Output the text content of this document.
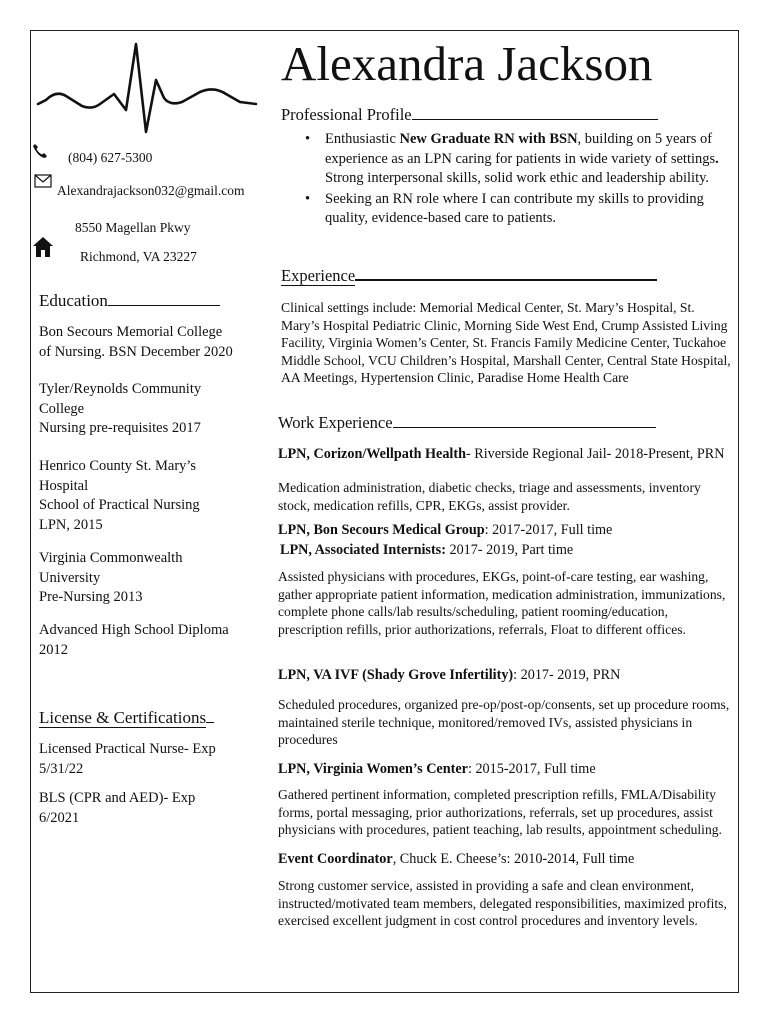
Alexandra Jackson
(804) 627-5300
Alexandrajackson032@gmail.com
8550 Magellan Pkwy
Richmond, VA 23227
Education
Bon Secours Memorial College
of Nursing. BSN December 2020
Tyler/Reynolds Community
College
Nursing pre-requisites 2017
Henrico County St. Mary’s
Hospital
School of Practical Nursing
LPN, 2015
Virginia Commonwealth
University
Pre-Nursing 2013
Advanced High School Diploma
2012
License & Certifications
Licensed Practical Nurse- Exp
5/31/22
BLS (CPR and AED)- Exp
6/2021
Professional Profile
• Enthusiastic New Graduate RN with BSN, building on 5 years of experience as an LPN caring for patients in wide variety of settings. Strong interpersonal skills, solid work ethic and leadership ability.
• Seeking an RN role where I can contribute my skills to providing quality, evidence-based care to patients.
Experience
Clinical settings include: Memorial Medical Center, St. Mary’s Hospital, St. Mary’s Hospital Pediatric Clinic, Morning Side West End, Crump Assisted Living Facility, Virginia Women’s Center, St. Francis Family Medicine Center, Tuckahoe Middle School, VCU Children’s Hospital, Marshall Center, Central State Hospital, AA Meetings, Hypertension Clinic, Paradise Home Health Care
Work Experience
LPN, Corizon/Wellpath Health- Riverside Regional Jail- 2018-Present, PRN
Medication administration, diabetic checks, triage and assessments, inventory stock, medication refills, CPR, EKGs, assist provider.
LPN, Bon Secours Medical Group: 2017-2017, Full time
LPN, Associated Internists: 2017- 2019, Part time
Assisted physicians with procedures, EKGs, point-of-care testing, ear washing, gather appropriate patient information, medication administration, immunizations, complete phone calls/lab results/scheduling, patient rooming/education, prescription refills, prior authorizations, referrals, Float to different offices.
LPN, VA IVF (Shady Grove Infertility): 2017- 2019, PRN
Scheduled procedures, organized pre-op/post-op/consents, set up procedure rooms, maintained sterile technique, monitored/removed IVs, assisted physicians in procedures
LPN, Virginia Women’s Center: 2015-2017, Full time
Gathered pertinent information, completed prescription refills, FMLA/Disability forms, portal messaging, prior authorizations, referrals, set up procedures, assist physicians with procedures, patient teaching, lab results, appointment scheduling.
Event Coordinator, Chuck E. Cheese’s: 2010-2014, Full time
Strong customer service, assisted in providing a safe and clean environment, instructed/motivated team members, delegated responsibilities, maximized profits, exercised excellent judgment in cost control procedures and inventory levels.
